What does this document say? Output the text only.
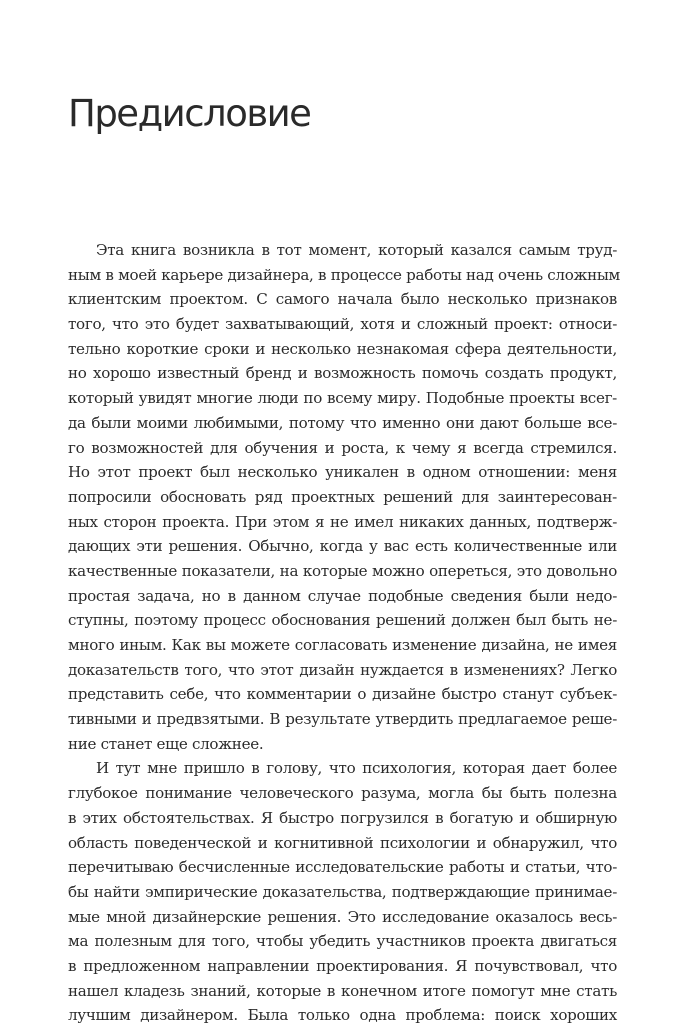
Предисловие

Эта книга возникла в тот момент, который казался самым труд-
ным в моей карьере дизайнера, в процессе работы над очень сложным
клиентским проектом. С самого начала было несколько признаков
того, что это будет захватывающий, хотя и сложный проект: относи-
тельно короткие сроки и несколько незнакомая сфера деятельности,
но хорошо известный бренд и возможность помочь создать продукт,
который увидят многие люди по всему миру. Подобные проекты всег-
да были моими любимыми, потому что именно они дают больше все-
го возможностей для обучения и роста, к чему я всегда стремился.
Но этот проект был несколько уникален в одном отношении: меня
попросили обосновать ряд проектных решений для заинтересован-
ных сторон проекта. При этом я не имел никаких данных, подтверж-
дающих эти решения. Обычно, когда у вас есть количественные или
качественные показатели, на которые можно опереться, это довольно
простая задача, но в данном случае подобные сведения были недо-
ступны, поэтому процесс обоснования решений должен был быть не-
много иным. Как вы можете согласовать изменение дизайна, не имея
доказательств того, что этот дизайн нуждается в изменениях? Легко
представить себе, что комментарии о дизайне быстро станут субъек-
тивными и предвзятыми. В результате утвердить предлагаемое реше-
ние станет еще сложнее.

И тут мне пришло в голову, что психология, которая дает более
глубокое понимание человеческого разума, могла бы быть полезна
в этих обстоятельствах. Я быстро погрузился в богатую и обширную
область поведенческой и когнитивной психологии и обнаружил, что
перечитываю бесчисленные исследовательские работы и статьи, что-
бы найти эмпирические доказательства, подтверждающие принимае-
мые мной дизайнерские решения. Это исследование оказалось весь-
ма полезным для того, чтобы убедить участников проекта двигаться
в предложенном направлении проектирования. Я почувствовал, что
нашел кладезь знаний, которые в конечном итоге помогут мне стать
лучшим дизайнером. Была только одна проблема: поиск хороших
